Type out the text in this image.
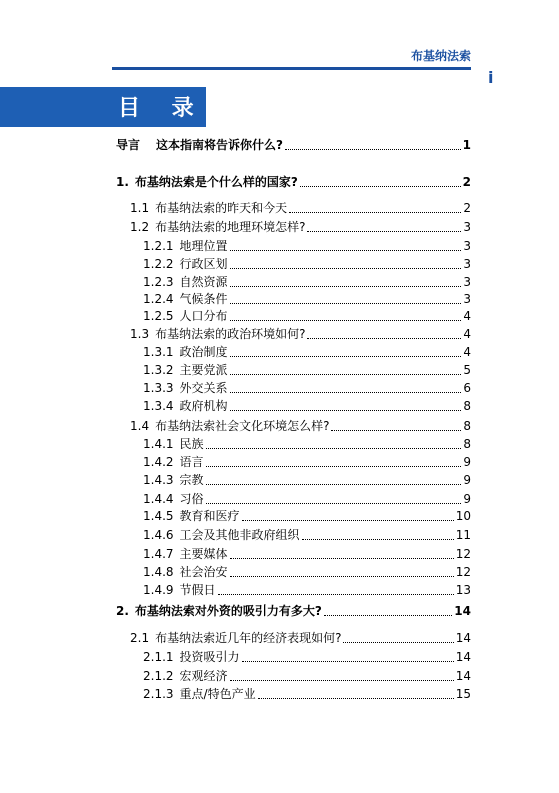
布基纳法索
i
目 录
导言 这本指南将告诉你什么?	1
1. 布基纳法索是个什么样的国家?	2
1.1 布基纳法索的昨天和今天	2
1.2 布基纳法索的地理环境怎样?	3
1.2.1 地理位置	3
1.2.2 行政区划	3
1.2.3 自然资源	3
1.2.4 气候条件	3
1.2.5 人口分布	4
1.3 布基纳法索的政治环境如何?	4
1.3.1 政治制度	4
1.3.2 主要党派	5
1.3.3 外交关系	6
1.3.4 政府机构	8
1.4 布基纳法索社会文化环境怎么样?	8
1.4.1 民族	8
1.4.2 语言	9
1.4.3 宗教	9
1.4.4 习俗	9
1.4.5 教育和医疗	10
1.4.6 工会及其他非政府组织	11
1.4.7 主要媒体	12
1.4.8 社会治安	12
1.4.9 节假日	13
2. 布基纳法索对外资的吸引力有多大?	14
2.1 布基纳法索近几年的经济表现如何?	14
2.1.1 投资吸引力	14
2.1.2 宏观经济	14
2.1.3 重点/特色产业	15
